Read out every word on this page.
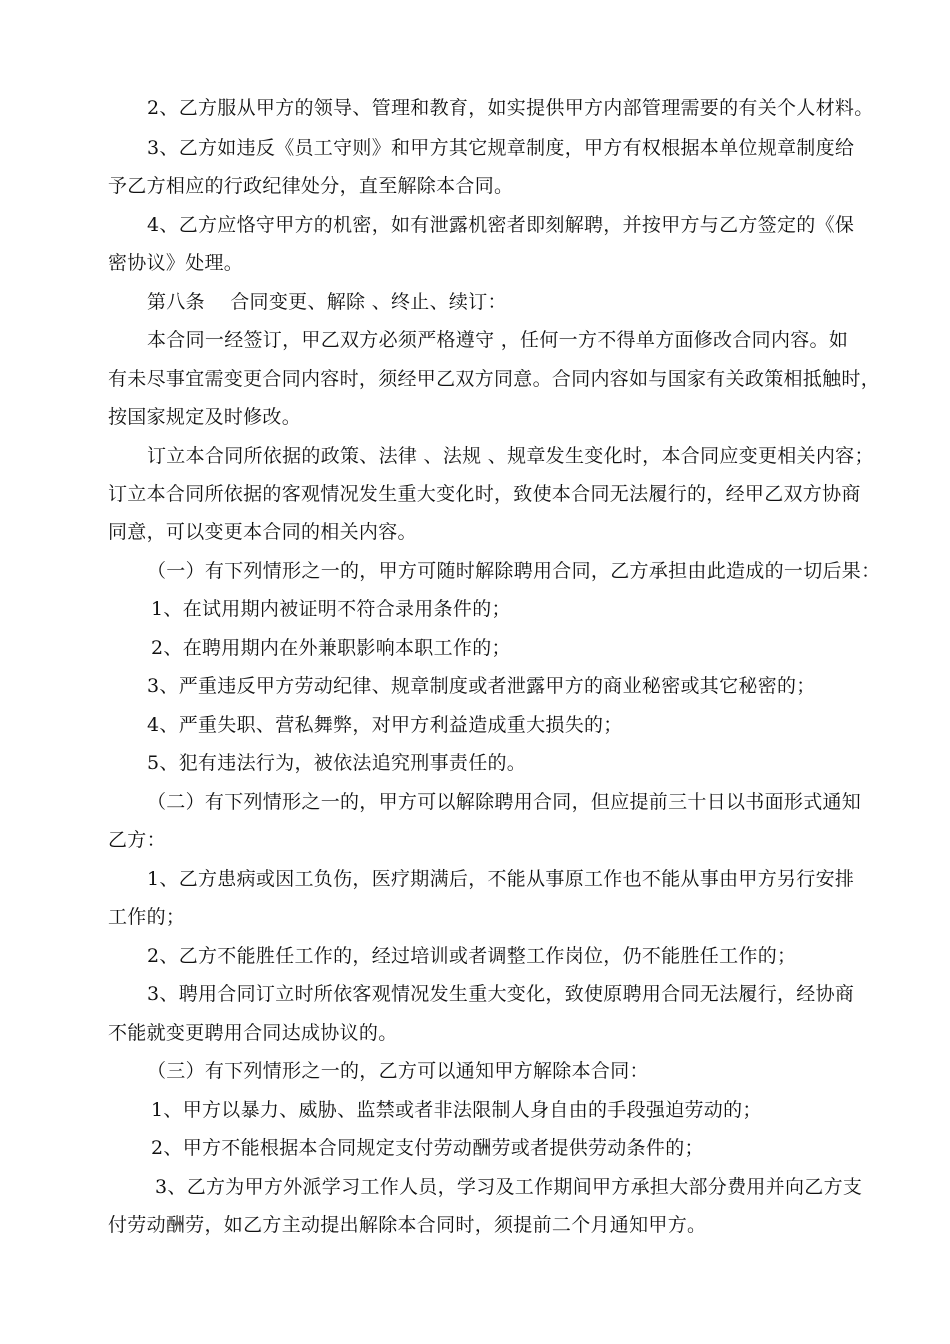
2、乙方服从甲方的领导、管理和教育，如实提供甲方内部管理需要的有关个人材料。
3、乙方如违反《员工守则》和甲方其它规章制度，甲方有权根据本单位规章制度给
予乙方相应的行政纪律处分，直至解除本合同。
4、乙方应恪守甲方的机密，如有泄露机密者即刻解聘，并按甲方与乙方签定的《保
密协议》处理。
第八条    合同变更、解除 、终止、续订：
本合同一经签订，甲乙双方必须严格遵守 ，任何一方不得单方面修改合同内容。如
有未尽事宜需变更合同内容时，须经甲乙双方同意。合同内容如与国家有关政策相抵触时，
按国家规定及时修改。
订立本合同所依据的政策、法律 、法规 、规章发生变化时，本合同应变更相关内容；
订立本合同所依据的客观情况发生重大变化时，致使本合同无法履行的，经甲乙双方协商
同意，可以变更本合同的相关内容。
（一）有下列情形之一的，甲方可随时解除聘用合同，乙方承担由此造成的一切后果：
1、在试用期内被证明不符合录用条件的；
2、在聘用期内在外兼职影响本职工作的；
3、严重违反甲方劳动纪律、规章制度或者泄露甲方的商业秘密或其它秘密的；
4、严重失职、营私舞弊，对甲方利益造成重大损失的；
5、犯有违法行为，被依法追究刑事责任的。
（二）有下列情形之一的，甲方可以解除聘用合同，但应提前三十日以书面形式通知
乙方：
1、乙方患病或因工负伤，医疗期满后，不能从事原工作也不能从事由甲方另行安排
工作的；
2、乙方不能胜任工作的，经过培训或者调整工作岗位，仍不能胜任工作的；
3、聘用合同订立时所依客观情况发生重大变化，致使原聘用合同无法履行，经协商
不能就变更聘用合同达成协议的。
（三）有下列情形之一的，乙方可以通知甲方解除本合同：
1、甲方以暴力、威胁、监禁或者非法限制人身自由的手段强迫劳动的；
2、甲方不能根据本合同规定支付劳动酬劳或者提供劳动条件的；
3、乙方为甲方外派学习工作人员，学习及工作期间甲方承担大部分费用并向乙方支
付劳动酬劳，如乙方主动提出解除本合同时，须提前二个月通知甲方。
